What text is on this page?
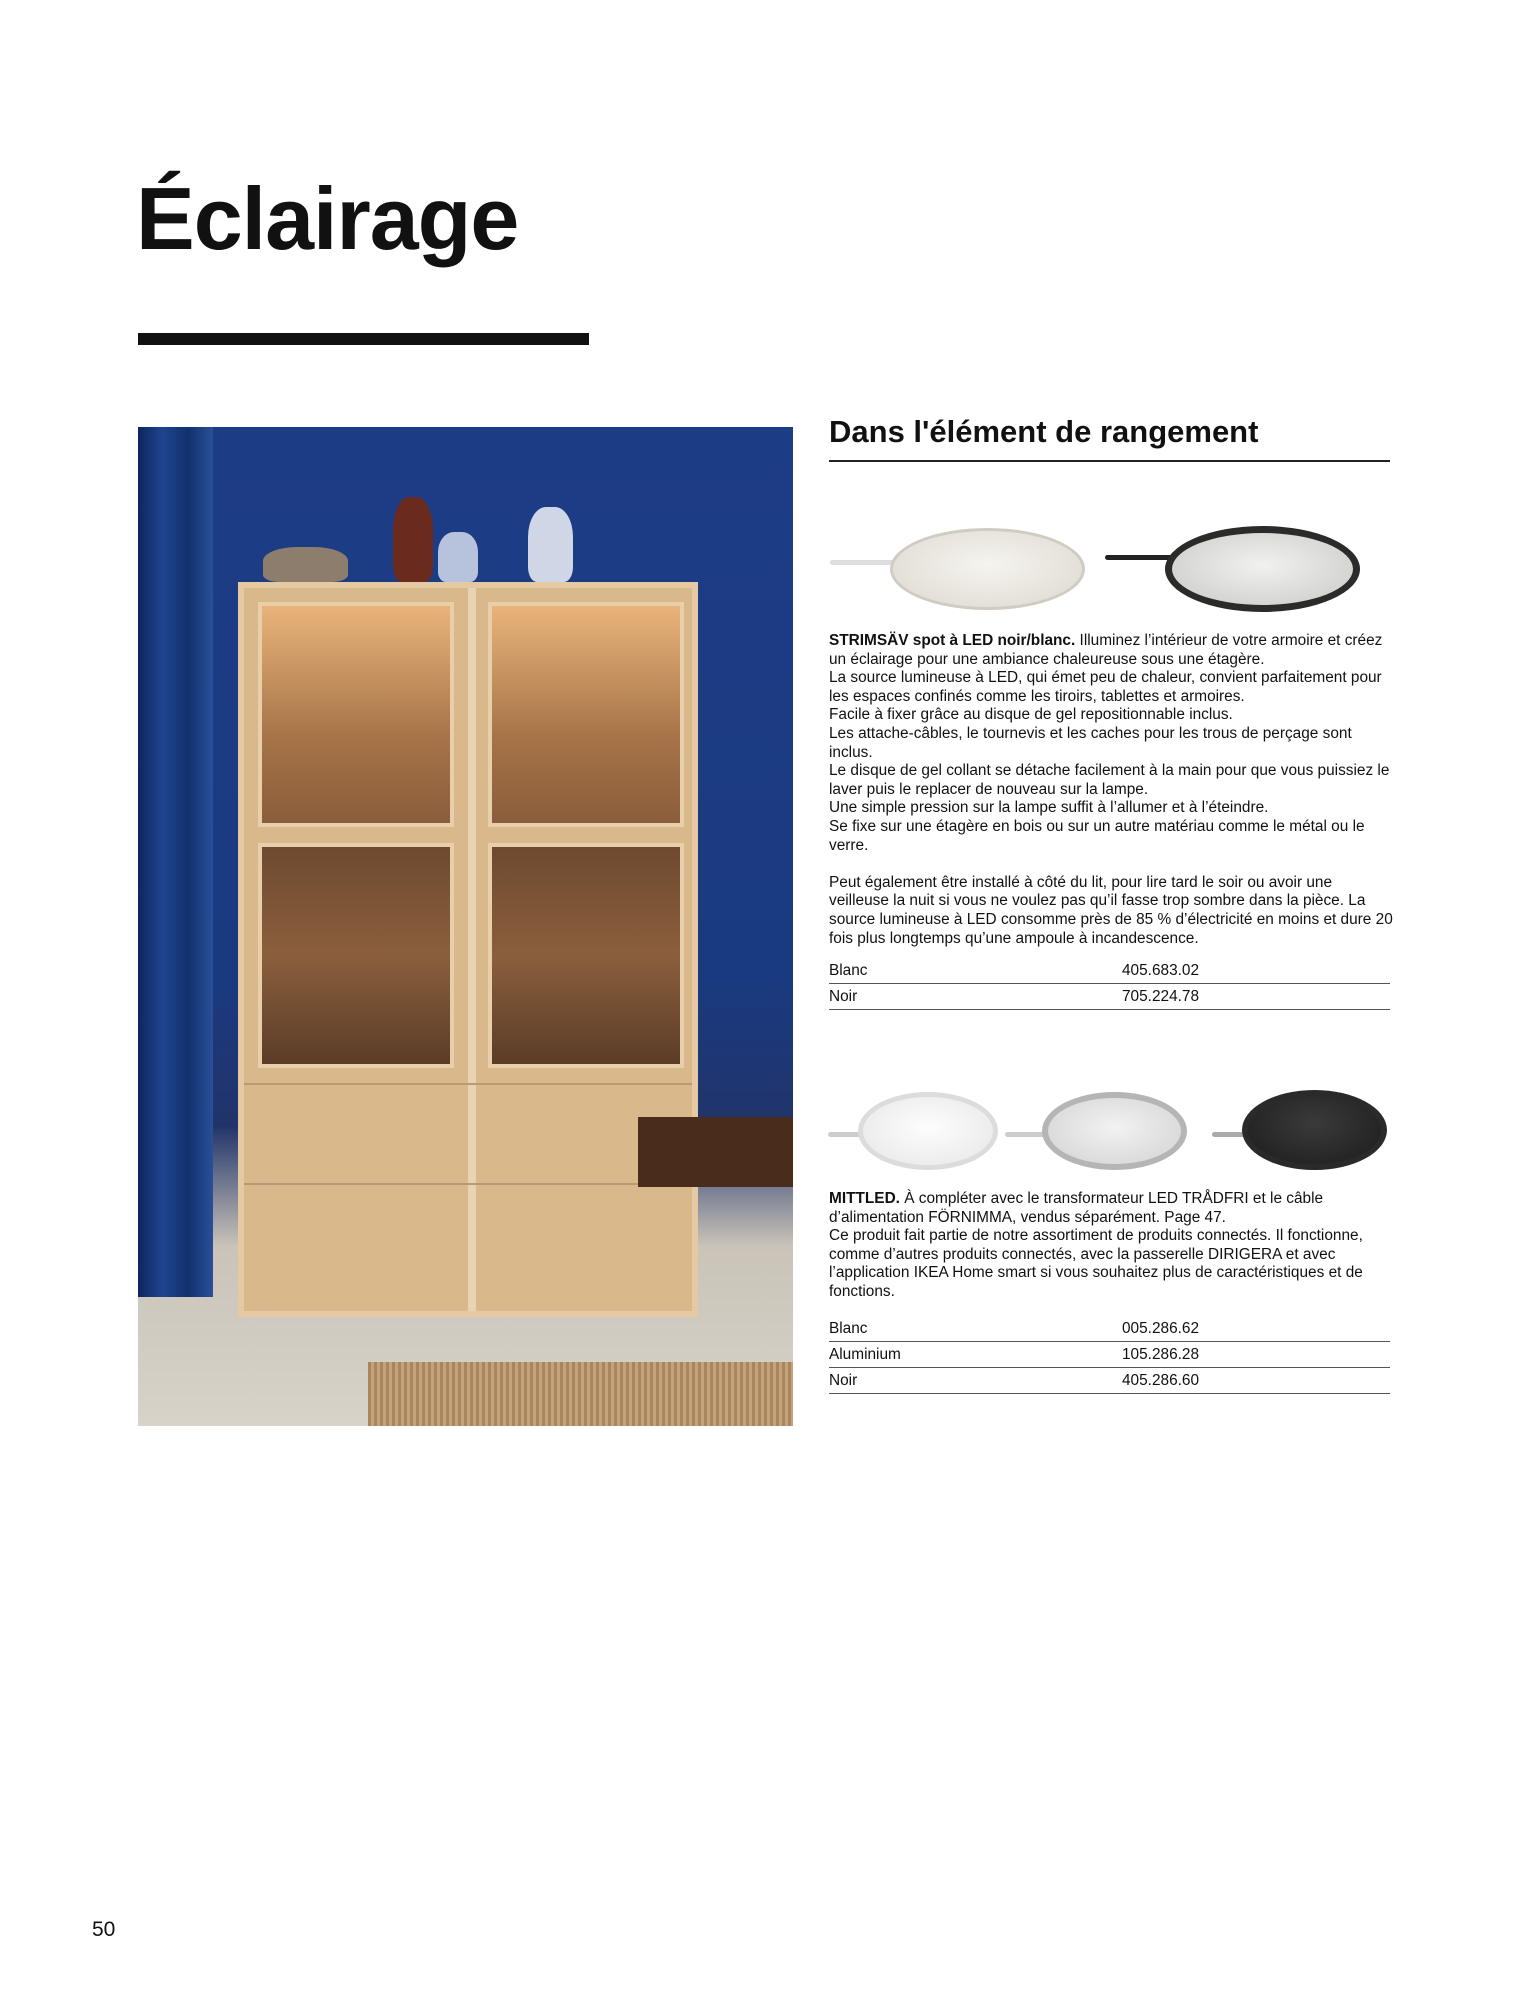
Éclairage
Dans l'élément de rangement

STRIMSÄV spot à LED noir/blanc. Illuminez l’intérieur de votre armoire et créez un éclairage pour une ambiance chaleureuse sous une étagère.

La source lumineuse à LED, qui émet peu de chaleur, convient parfaitement pour les espaces confinés comme les tiroirs, tablettes et armoires.

Facile à fixer grâce au disque de gel repositionnable inclus.

Les attache-câbles, le tournevis et les caches pour les trous de perçage sont inclus.

Le disque de gel collant se détache facilement à la main pour que vous puissiez le laver puis le replacer de nouveau sur la lampe.

Une simple pression sur la lampe suffit à l’allumer et à l’éteindre.

Se fixe sur une étagère en bois ou sur un autre matériau comme le métal ou le verre.

Peut également être installé à côté du lit, pour lire tard le soir ou avoir une veilleuse la nuit si vous ne voulez pas qu’il fasse trop sombre dans la pièce. La source lumineuse à LED consomme près de 85 % d’électricité en moins et dure 20 fois plus longtemps qu’une ampoule à incandescence.

Blanc	405.683.02
Noir	705.224.78

MITTLED. À compléter avec le transformateur LED TRÅDFRI et le câble d’alimentation FÖRNIMMA, vendus séparément. Page 47.

Ce produit fait partie de notre assortiment de produits connectés. Il fonctionne, comme d’autres produits connectés, avec la passerelle DIRIGERA et avec l’application IKEA Home smart si vous souhaitez plus de caractéristiques et de fonctions.

Blanc	005.286.62
Aluminium	105.286.28
Noir	405.286.60
50
